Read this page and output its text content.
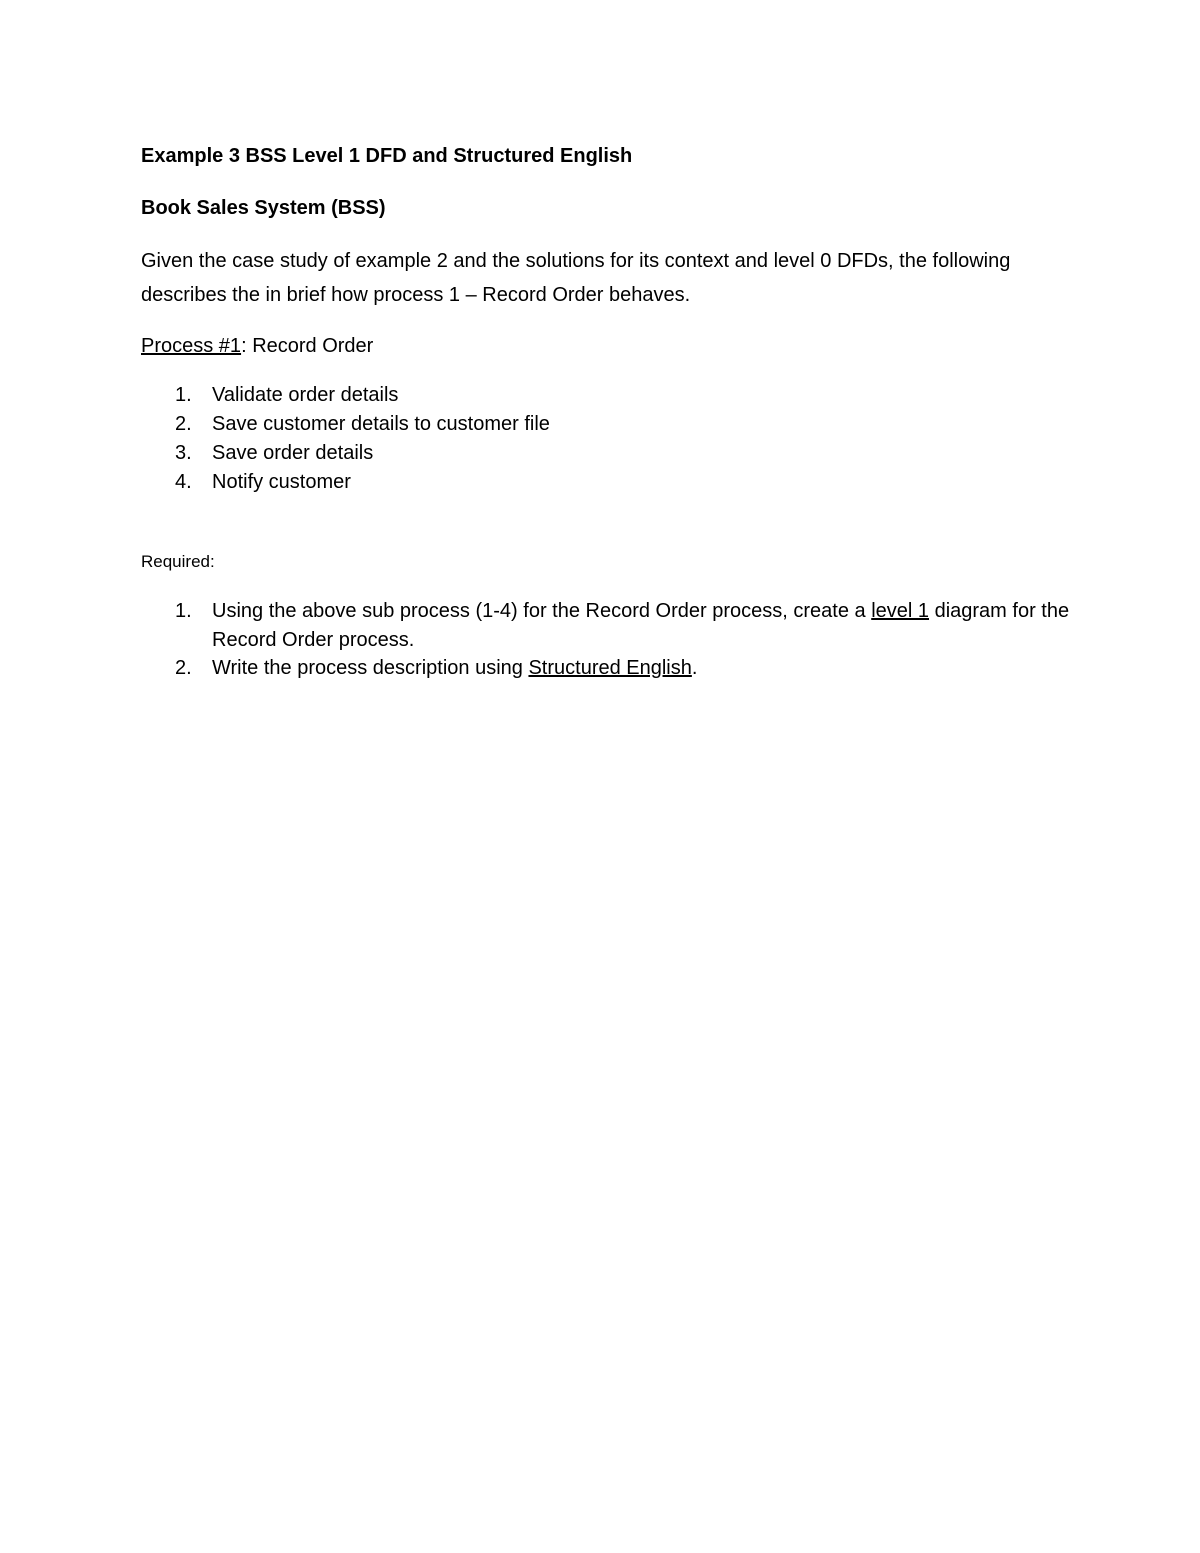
Example 3 BSS Level 1 DFD and Structured English
Book Sales System (BSS)

Given the case study of example 2 and the solutions for its context and level 0 DFDs, the following describes the in brief how process 1 – Record Order behaves.

Process #1: Record Order

1. Validate order details
2. Save customer details to customer file
3. Save order details
4. Notify customer
Required:
1. Using the above sub process (1-4) for the Record Order process, create a level 1 diagram for the Record Order process.
2. Write the process description using Structured English.
